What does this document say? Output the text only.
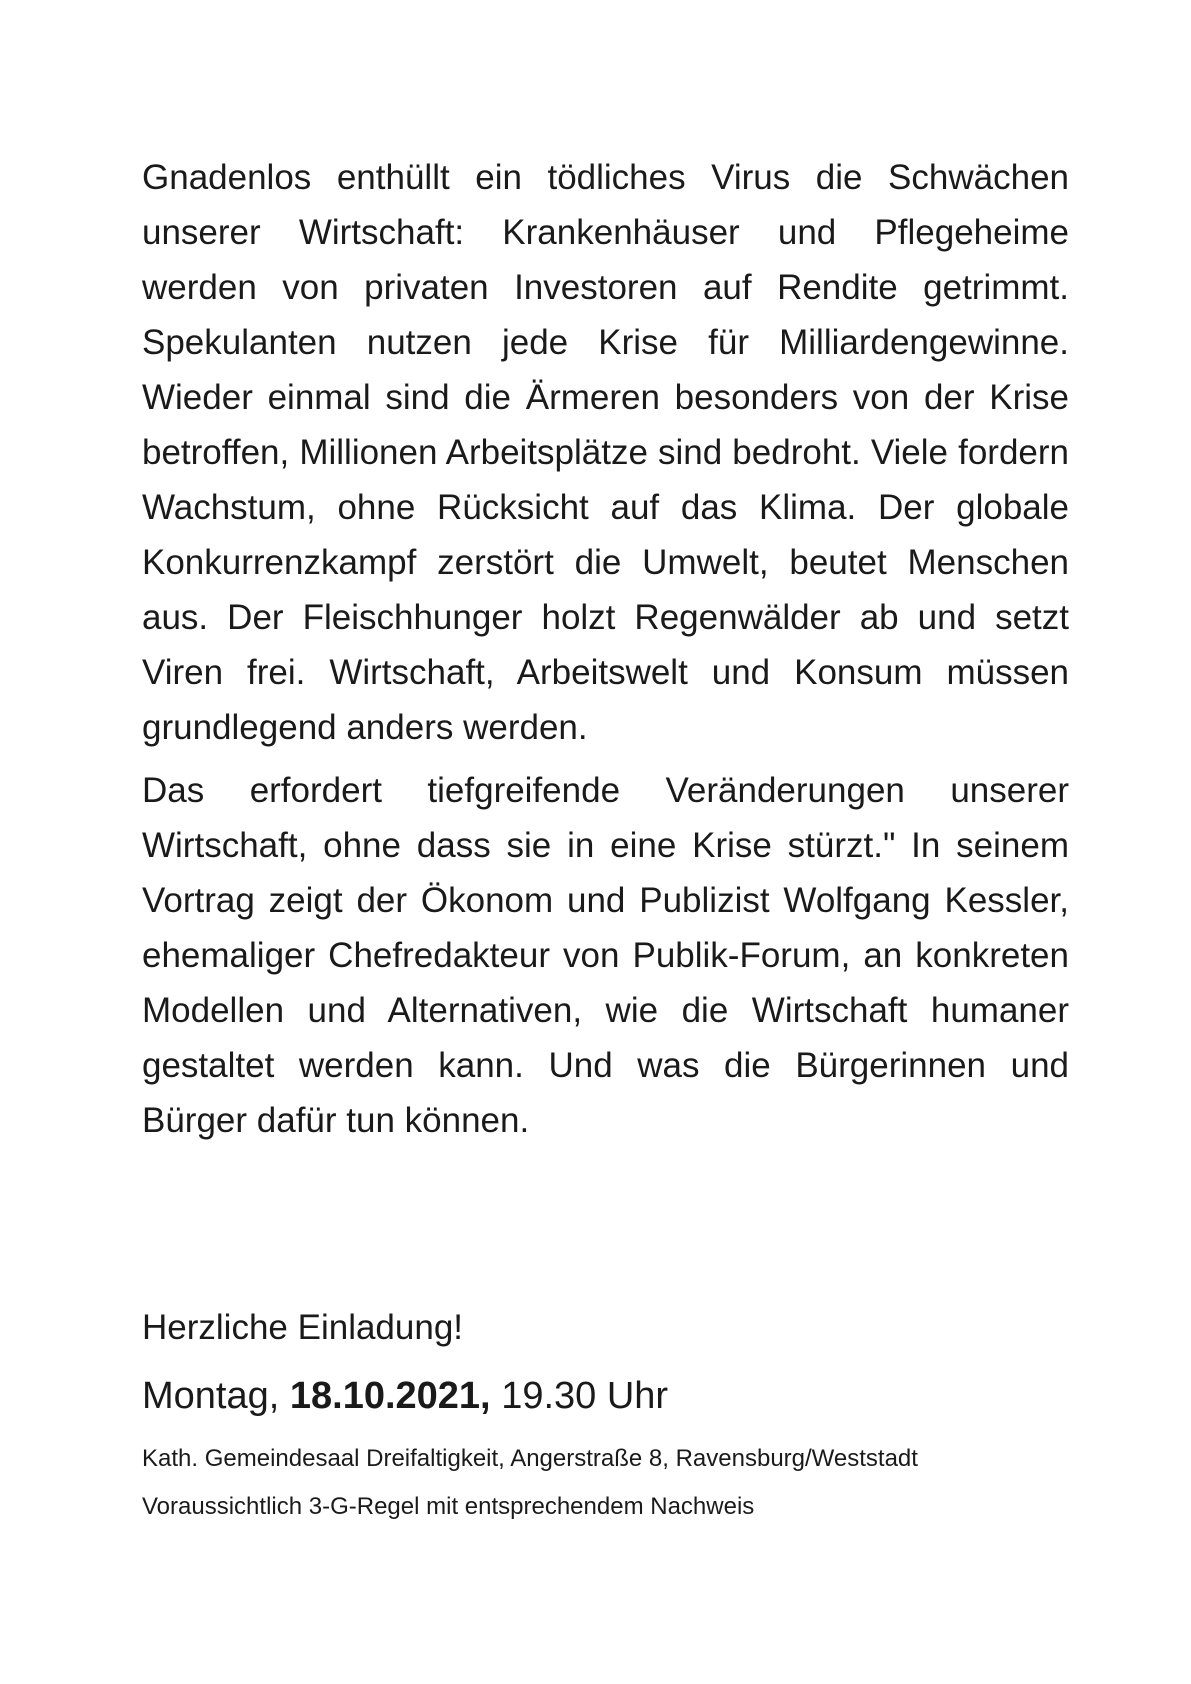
Gnadenlos enthüllt ein tödliches Virus die Schwächen unserer Wirtschaft: Krankenhäuser und Pflegeheime werden von privaten Investoren auf Rendite getrimmt. Spekulanten nutzen jede Krise für Milliardengewinne. Wieder einmal sind die Ärmeren besonders von der Krise betroffen, Millionen Arbeitsplätze sind bedroht. Viele fordern Wachstum, ohne Rücksicht auf das Klima. Der globale Konkurrenzkampf zerstört die Umwelt, beutet Menschen aus. Der Fleischhunger holzt Regenwälder ab und setzt Viren frei. Wirtschaft, Arbeitswelt und Konsum müssen grundlegend anders werden.

Das erfordert tiefgreifende Veränderungen unserer Wirtschaft, ohne dass sie in eine Krise stürzt." In seinem Vortrag zeigt der Ökonom und Publizist Wolfgang Kessler, ehemaliger Chefredakteur von Publik-Forum, an konkreten Modellen und Alternativen, wie die Wirtschaft humaner gestaltet werden kann. Und was die Bürgerinnen und Bürger dafür tun können.

Herzliche Einladung!

Montag, 18.10.2021, 19.30 Uhr

Kath. Gemeindesaal Dreifaltigkeit, Angerstraße 8, Ravensburg/Weststadt

Voraussichtlich 3-G-Regel mit entsprechendem Nachweis
